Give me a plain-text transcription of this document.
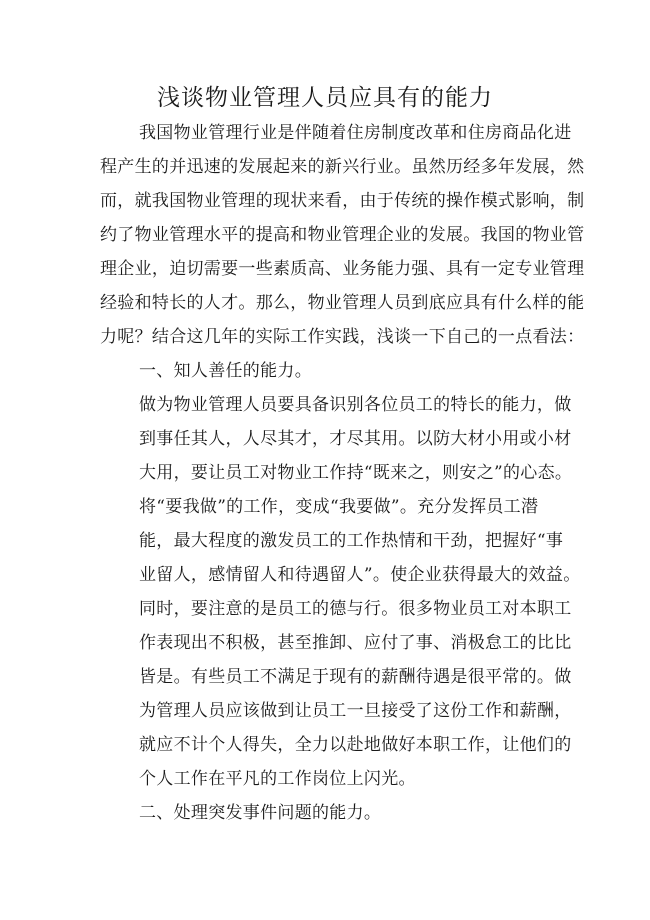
浅谈物业管理人员应具有的能力
我国物业管理行业是伴随着住房制度改革和住房商品化进
程产生的并迅速的发展起来的新兴行业。虽然历经多年发展，然
而，就我国物业管理的现状来看，由于传统的操作模式影响，制
约了物业管理水平的提高和物业管理企业的发展。我国的物业管
理企业，迫切需要一些素质高、业务能力强、具有一定专业管理
经验和特长的人才。那么，物业管理人员到底应具有什么样的能
力呢？结合这几年的实际工作实践，浅谈一下自己的一点看法：
一、知人善任的能力。
做为物业管理人员要具备识别各位员工的特长的能力，做
到事任其人，人尽其才，才尽其用。以防大材小用或小材
大用，要让员工对物业工作持“既来之，则安之”的心态。
将“要我做”的工作，变成“我要做”。充分发挥员工潜
能，最大程度的激发员工的工作热情和干劲，把握好“事
业留人，感情留人和待遇留人”。使企业获得最大的效益。
同时，要注意的是员工的德与行。很多物业员工对本职工
作表现出不积极，甚至推卸、应付了事、消极怠工的比比
皆是。有些员工不满足于现有的薪酬待遇是很平常的。做
为管理人员应该做到让员工一旦接受了这份工作和薪酬，
就应不计个人得失，全力以赴地做好本职工作，让他们的
个人工作在平凡的工作岗位上闪光。
二、处理突发事件问题的能力。
